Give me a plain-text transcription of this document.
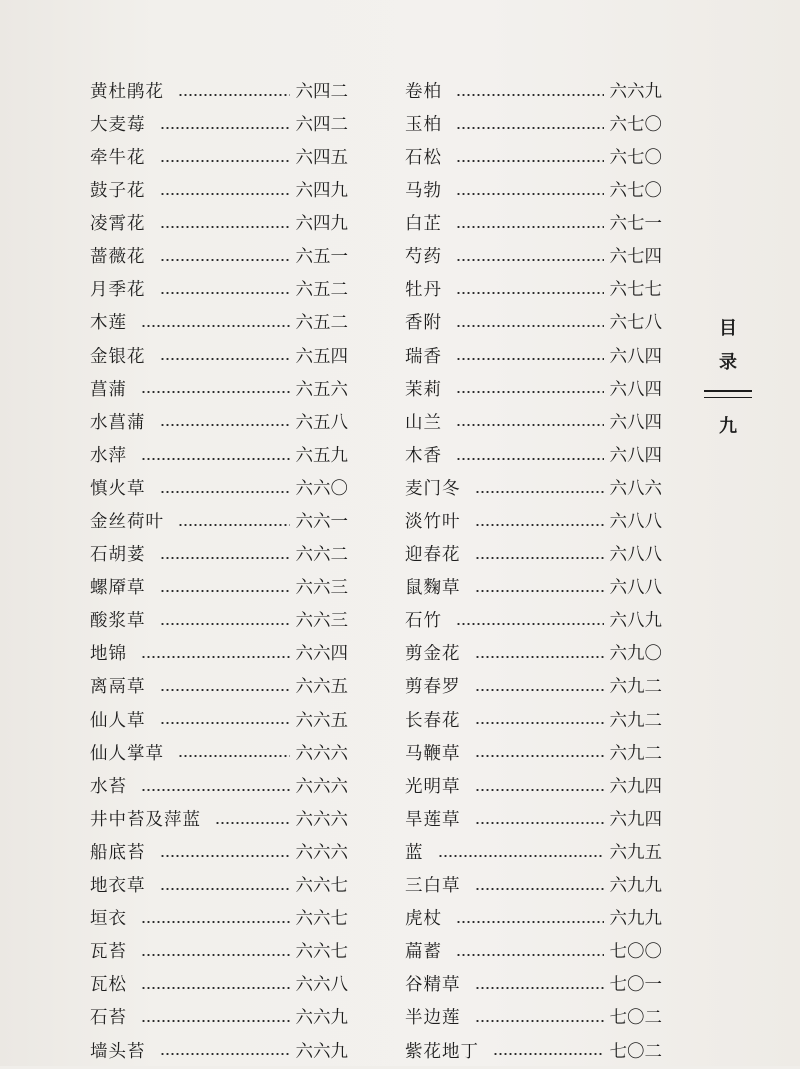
黄杜鹃花	六四二
大麦莓	六四二
牵牛花	六四五
鼓子花	六四九
凌霄花	六四九
蔷薇花	六五一
月季花	六五二
木莲	六五二
金银花	六五四
菖蒲	六五六
水菖蒲	六五八
水萍	六五九
慎火草	六六〇
金丝荷叶	六六一
石胡荽	六六二
螺厣草	六六三
酸浆草	六六三
地锦	六六四
离鬲草	六六五
仙人草	六六五
仙人掌草	六六六
水苔	六六六
井中苔及萍蓝	六六六
船底苔	六六六
地衣草	六六七
垣衣	六六七
瓦苔	六六七
瓦松	六六八
石苔	六六九
墙头苔	六六九
卷柏	六六九
玉柏	六七〇
石松	六七〇
马勃	六七〇
白芷	六七一
芍药	六七四
牡丹	六七七
香附	六七八
瑞香	六八四
茉莉	六八四
山兰	六八四
木香	六八四
麦门冬	六八六
淡竹叶	六八八
迎春花	六八八
鼠麴草	六八八
石竹	六八九
剪金花	六九〇
剪春罗	六九二
长春花	六九二
马鞭草	六九二
光明草	六九四
旱莲草	六九四
蓝	六九五
三白草	六九九
虎杖	六九九
萹蓄	七〇〇
谷精草	七〇一
半边莲	七〇二
紫花地丁	七〇二
目
录
九
